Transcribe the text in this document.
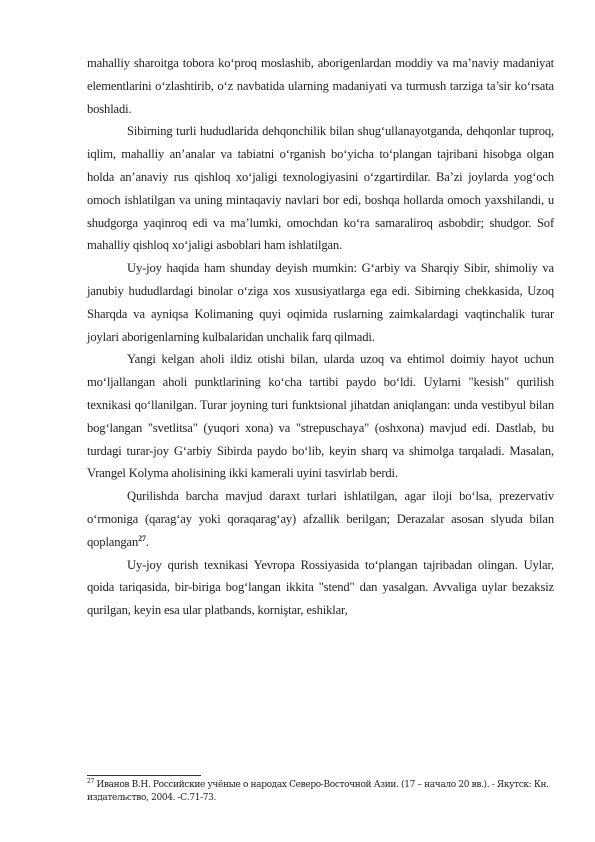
mahalliy sharoitga tobora ko‘proq moslashib, aborigenlardan moddiy va ma’naviy madaniyat elementlarini o‘zlashtirib, o‘z navbatida ularning madaniyati va turmush tarziga ta’sir ko‘rsata boshladi.

Sibirning turli hududlarida dehqonchilik bilan shug‘ullanayotganda, dehqonlar tuproq, iqlim, mahalliy an’analar va tabiatni o‘rganish bo‘yicha to‘plangan tajribani hisobga olgan holda an’anaviy rus qishloq xo‘jaligi texnologiyasini o‘zgartirdilar. Ba’zi joylarda yog‘och omoch ishlatilgan va uning mintaqaviy navlari bor edi, boshqa hollarda omoch yaxshilandi, u shudgorga yaqinroq edi va ma’lumki, omochdan ko‘ra samaraliroq asbobdir; shudgor. Sof mahalliy qishloq xo‘jaligi asboblari ham ishlatilgan.

Uy-joy haqida ham shunday deyish mumkin: G‘arbiy va Sharqiy Sibir, shimoliy va janubiy hududlardagi binolar o‘ziga xos xususiyatlarga ega edi. Sibirning chekkasida, Uzoq Sharqda va ayniqsa Kolimaning quyi oqimida ruslarning zaimkalardagi vaqtinchalik turar joylari aborigenlarning kulbalaridan unchalik farq qilmadi.

Yangi kelgan aholi ildiz otishi bilan, ularda uzoq va ehtimol doimiy hayot uchun mo‘ljallangan aholi punktlarining ko‘cha tartibi paydo bo‘ldi. Uylarni "kesish" qurilish texnikasi qo‘llanilgan. Turar joyning turi funktsional jihatdan aniqlangan: unda vestibyul bilan bog‘langan "svetlitsa" (yuqori xona) va "strepuschaya" (oshxona) mavjud edi. Dastlab, bu turdagi turar-joy G‘arbiy Sibirda paydo bo‘lib, keyin sharq va shimolga tarqaladi. Masalan, Vrangel Kolyma aholisining ikki kamerali uyini tasvirlab berdi.

Qurilishda barcha mavjud daraxt turlari ishlatilgan, agar iloji bo‘lsa, prezervativ o‘rmoniga (qarag‘ay yoki qoraqarag‘ay) afzallik berilgan; Derazalar asosan slyuda bilan qoplangan$^{27}$.

Uy-joy qurish texnikasi Yevropa Rossiyasida to‘plangan tajribadan olingan. Uylar, qoida tariqasida, bir-biriga bog‘langan ikkita "stend" dan yasalgan. Avvaliga uylar bezaksiz qurilgan, keyin esa ular platbands, korniştar, eshiklar,

$^{27}$ Иванов В.Н. Российские учёные о народах Северо-Восточной Азии. (17 – начало 20 вв.). - Якутск: Кн. издательство, 2004. -С.71-73.
